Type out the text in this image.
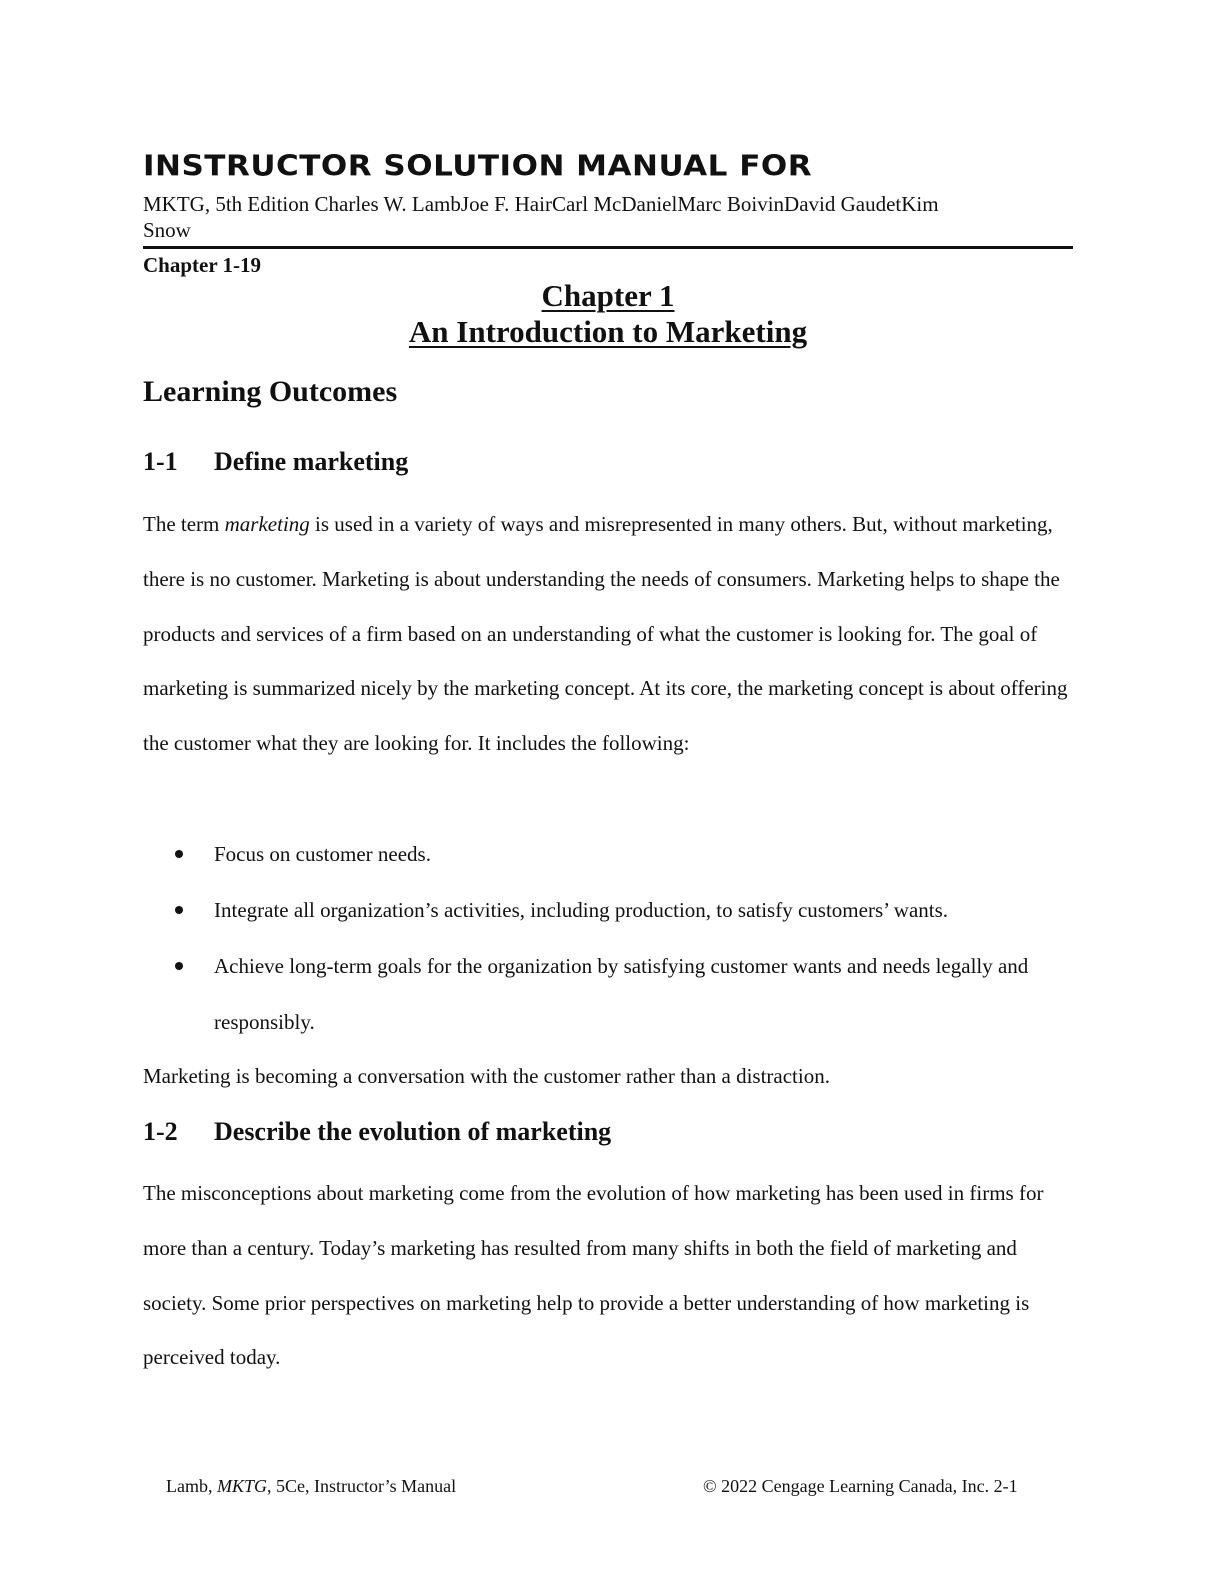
INSTRUCTOR SOLUTION MANUAL FOR
MKTG, 5th Edition Charles W. LambJoe F. HairCarl McDanielMarc BoivinDavid GaudetKim Snow
Chapter 1-19
Chapter 1
An Introduction to Marketing
Learning Outcomes
1-1 Define marketing

The term marketing is used in a variety of ways and misrepresented in many others. But, without marketing, there is no customer. Marketing is about understanding the needs of consumers. Marketing helps to shape the products and services of a firm based on an understanding of what the customer is looking for. The goal of marketing is summarized nicely by the marketing concept. At its core, the marketing concept is about offering the customer what they are looking for. It includes the following:

Focus on customer needs.
Integrate all organization’s activities, including production, to satisfy customers’ wants.
Achieve long-term goals for the organization by satisfying customer wants and needs legally and responsibly.

Marketing is becoming a conversation with the customer rather than a distraction.

1-2 Describe the evolution of marketing

The misconceptions about marketing come from the evolution of how marketing has been used in firms for more than a century. Today’s marketing has resulted from many shifts in both the field of marketing and society. Some prior perspectives on marketing help to provide a better understanding of how marketing is perceived today.

Lamb, MKTG, 5Ce, Instructor’s Manual	© 2022 Cengage Learning Canada, Inc. 2-1
